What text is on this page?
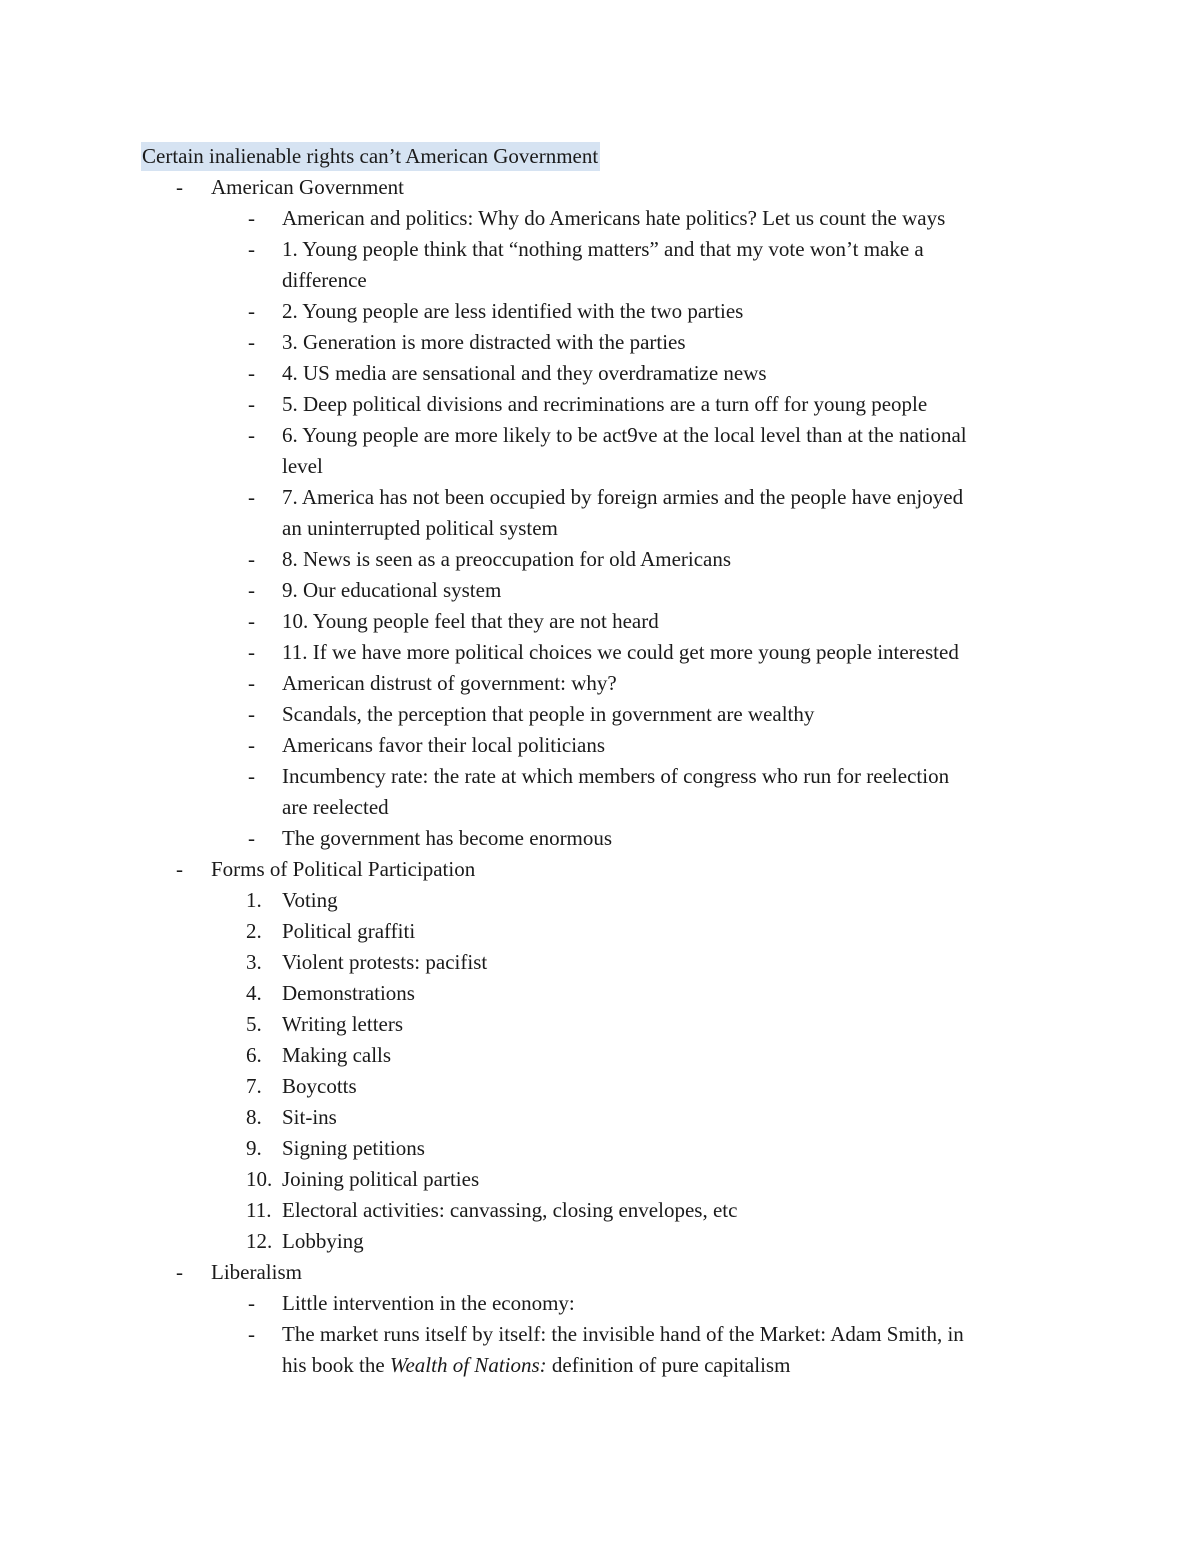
Certain inalienable rights can’t American Government
- American Government
- American and politics: Why do Americans hate politics? Let us count the ways
- 1. Young people think that “nothing matters” and that my vote won’t make a
difference
- 2. Young people are less identified with the two parties
- 3. Generation is more distracted with the parties
- 4. US media are sensational and they overdramatize news
- 5. Deep political divisions and recriminations are a turn off for young people
- 6. Young people are more likely to be act9ve at the local level than at the national
level
- 7. America has not been occupied by foreign armies and the people have enjoyed
an uninterrupted political system
- 8. News is seen as a preoccupation for old Americans
- 9. Our educational system
- 10. Young people feel that they are not heard
- 11. If we have more political choices we could get more young people interested
- American distrust of government: why?
- Scandals, the perception that people in government are wealthy
- Americans favor their local politicians
- Incumbency rate: the rate at which members of congress who run for reelection
are reelected
- The government has become enormous
- Forms of Political Participation
1. Voting
2. Political graffiti
3. Violent protests: pacifist
4. Demonstrations
5. Writing letters
6. Making calls
7. Boycotts
8. Sit-ins
9. Signing petitions
10. Joining political parties
11. Electoral activities: canvassing, closing envelopes, etc
12. Lobbying
- Liberalism
- Little intervention in the economy:
- The market runs itself by itself: the invisible hand of the Market: Adam Smith, in
his book the Wealth of Nations: definition of pure capitalism
